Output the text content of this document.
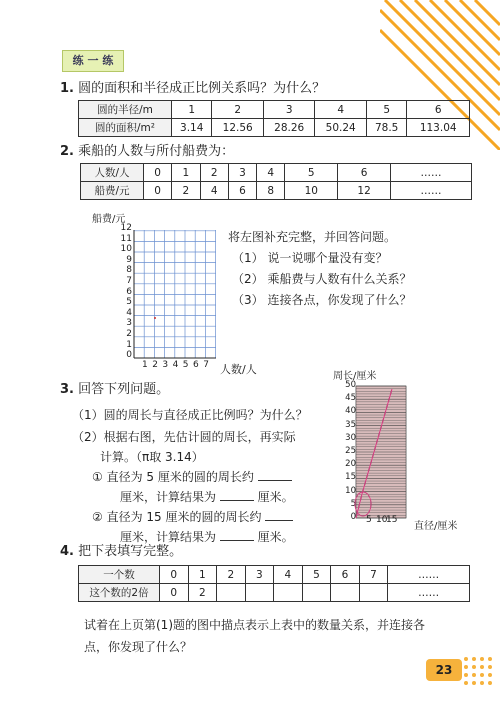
练 一 练
1. 圆的面积和半径成正比例关系吗？为什么？
圆的半径/m	1	2	3	4	5	6
圆的面积/m²	3.14	12.56	28.26	50.24	78.5	113.04
2. 乘船的人数与所付船费为：
人数/人	0	1	2	3	4	5	6	……
船费/元	0	2	4	6	8	10	12	……
船费/元
12
11
10
9
8
7
6
5
4
3
2
1
0
1 2 3 4 5 6 7 人数/人
将左图补充完整，并回答问题。
（1） 说一说哪个量没有变？
（2） 乘船费与人数有什么关系？
（3） 连接各点，你发现了什么？
3. 回答下列问题。
（1）圆的周长与直径成正比例吗？为什么？
（2）根据右图，先估计圆的周长，再实际
计算。（π取 3.14）
① 直径为 5 厘米的圆的周长约
厘米，计算结果为	厘米。
② 直径为 15 厘米的圆的周长约
厘米，计算结果为	厘米。
周长/厘米
50
45
40
35
30
25
20
15
10
5
0 5 10
15
直径/厘米
4. 把下表填写完整。
一个数	0	1	2	3	4	5	6	7	……
这个数的2倍	0	2							……
试着在上页第(1)题的图中描点表示上表中的数量关系，并连接各
点，你发现了什么？
23
